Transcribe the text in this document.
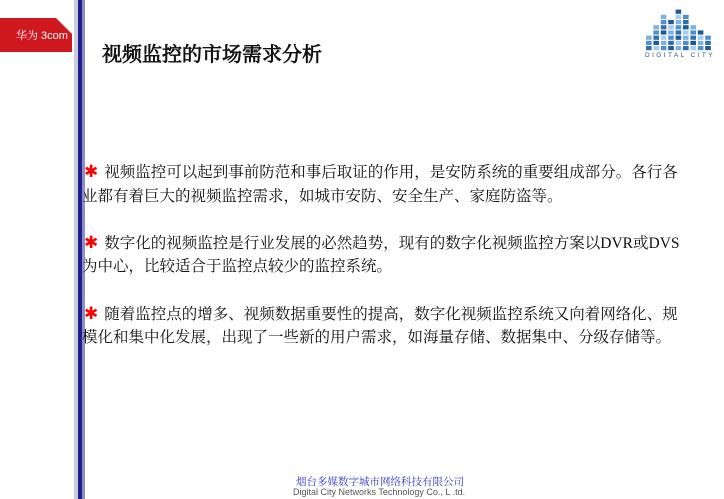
华为 3com
视频监控的市场需求分析	DIGITAL CITY

✱ 视频监控可以起到事前防范和事后取证的作用，是安防系统的重要组成部分。各行各业都有着巨大的视频监控需求，如城市安防、安全生产、家庭防盗等。

✱ 数字化的视频监控是行业发展的必然趋势，现有的数字化视频监控方案以DVR或DVS为中心，比较适合于监控点较少的监控系统。

✱ 随着监控点的增多、视频数据重要性的提高，数字化视频监控系统又向着网络化、规模化和集中化发展，出现了一些新的用户需求，如海量存储、数据集中、分级存储等。

烟台多媒数字城市网络科技有限公司
Digital City Networks Technology Co., L .td.
